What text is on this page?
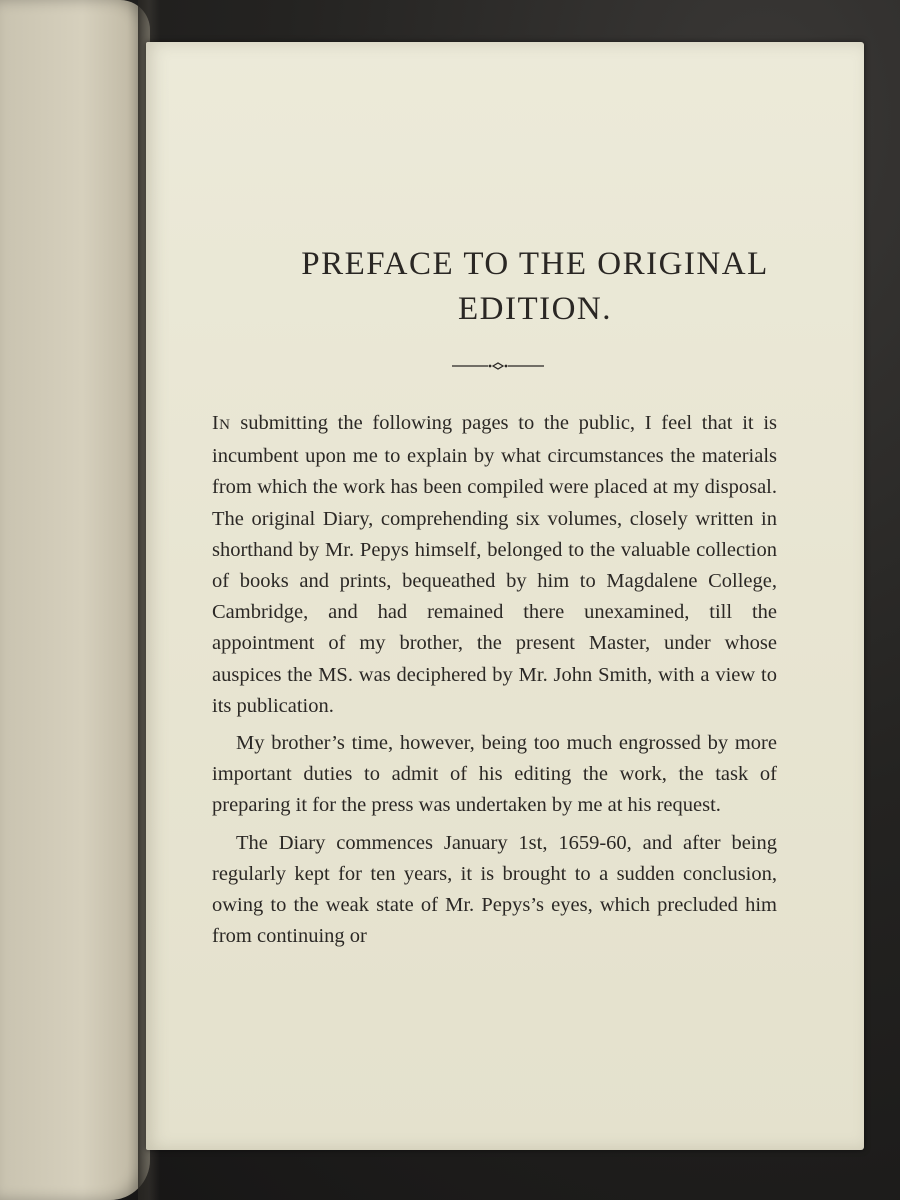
PREFACE TO THE ORIGINAL
EDITION.

IN submitting the following pages to the public, I feel that it is incumbent upon me to explain by what circumstances the materials from which the work has been compiled were placed at my disposal. The original Diary, comprehending six volumes, closely written in shorthand by Mr. Pepys himself, belonged to the valuable collection of books and prints, bequeathed by him to Magdalene College, Cambridge, and had remained there unexamined, till the appointment of my brother, the present Master, under whose auspices the MS. was deciphered by Mr. John Smith, with a view to its publication.

My brother’s time, however, being too much engrossed by more important duties to admit of his editing the work, the task of preparing it for the press was undertaken by me at his request.

The Diary commences January 1st, 1659-60, and after being regularly kept for ten years, it is brought to a sudden conclusion, owing to the weak state of Mr. Pepys’s eyes, which precluded him from continuing or
